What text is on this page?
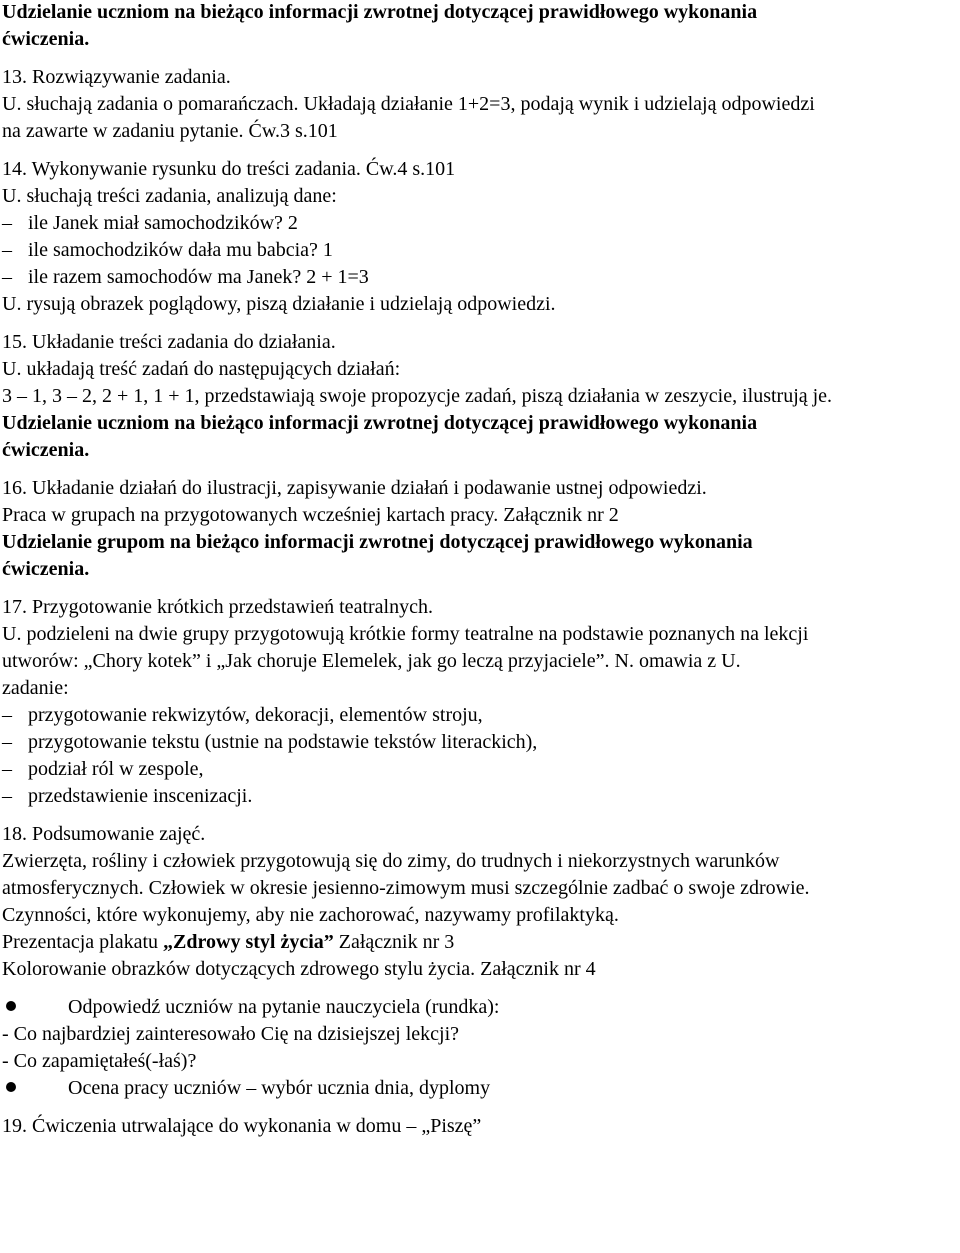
Udzielanie uczniom na bieżąco informacji zwrotnej dotyczącej prawidłowego wykonania
ćwiczenia.
13. Rozwiązywanie zadania.
U. słuchają zadania o pomarańczach. Układają działanie 1+2=3, podają wynik i udzielają odpowiedzi
na zawarte w zadaniu pytanie. Ćw.3 s.101
14. Wykonywanie rysunku do treści zadania. Ćw.4 s.101
U. słuchają treści zadania, analizują dane:
– ile Janek miał samochodzików? 2
– ile samochodzików dała mu babcia? 1
– ile razem samochodów ma Janek? 2 + 1=3
U. rysują obrazek poglądowy, piszą działanie i udzielają odpowiedzi.
15. Układanie treści zadania do działania.
U. układają treść zadań do następujących działań:
3 – 1, 3 – 2, 2 + 1, 1 + 1, przedstawiają swoje propozycje zadań, piszą działania w zeszycie, ilustrują je.
Udzielanie uczniom na bieżąco informacji zwrotnej dotyczącej prawidłowego wykonania
ćwiczenia.
16. Układanie działań do ilustracji, zapisywanie działań i podawanie ustnej odpowiedzi.
Praca w grupach na przygotowanych wcześniej kartach pracy. Załącznik nr 2
Udzielanie grupom na bieżąco informacji zwrotnej dotyczącej prawidłowego wykonania
ćwiczenia.
17. Przygotowanie krótkich przedstawień teatralnych.
U. podzieleni na dwie grupy przygotowują krótkie formy teatralne na podstawie poznanych na lekcji
utworów: „Chory kotek” i „Jak choruje Elemelek, jak go leczą przyjaciele”. N. omawia z U.
zadanie:
– przygotowanie rekwizytów, dekoracji, elementów stroju,
– przygotowanie tekstu (ustnie na podstawie tekstów literackich),
– podział ról w zespole,
– przedstawienie inscenizacji.
18. Podsumowanie zajęć.
Zwierzęta, rośliny i człowiek przygotowują się do zimy, do trudnych i niekorzystnych warunków
atmosferycznych. Człowiek w okresie jesienno-zimowym musi szczególnie zadbać o swoje zdrowie.
Czynności, które wykonujemy, aby nie zachorować, nazywamy profilaktyką.
Prezentacja plakatu „Zdrowy styl życia” Załącznik nr 3
Kolorowanie obrazków dotyczących zdrowego stylu życia. Załącznik nr 4
Odpowiedź uczniów na pytanie nauczyciela (rundka):
- Co najbardziej zainteresowało Cię na dzisiejszej lekcji?
- Co zapamiętałeś(-łaś)?
Ocena pracy uczniów – wybór ucznia dnia, dyplomy
19. Ćwiczenia utrwalające do wykonania w domu – „Piszę”
